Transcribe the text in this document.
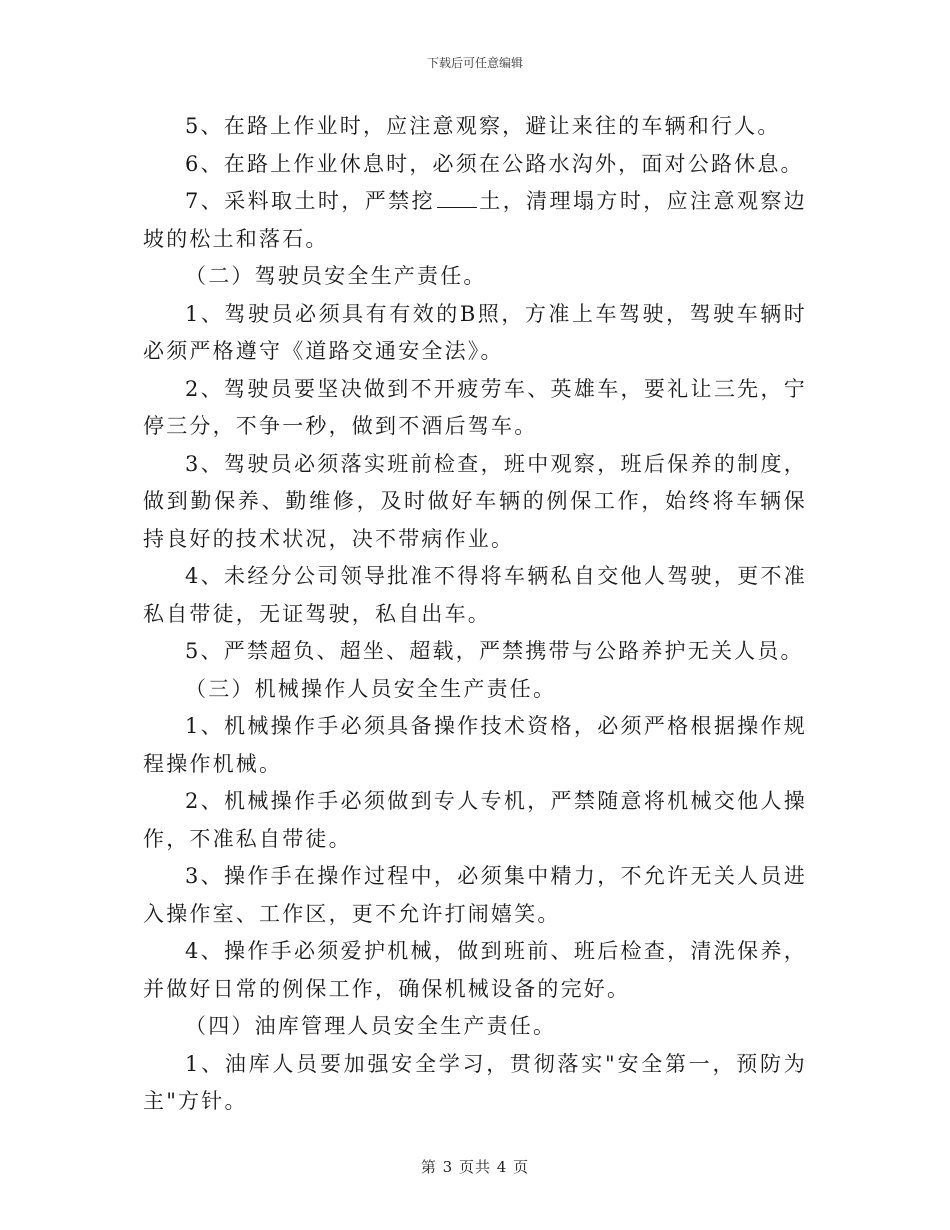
下载后可任意编辑

5、在路上作业时，应注意观察，避让来往的车辆和行人。

6、在路上作业休息时，必须在公路水沟外，面对公路休息。

7、采料取土时，严禁挖 土，清理塌方时，应注意观察边坡的松土和落石。

（二）驾驶员安全生产责任。

1、驾驶员必须具有有效的B照，方准上车驾驶，驾驶车辆时必须严格遵守《道路交通安全法》。

2、驾驶员要坚决做到不开疲劳车、英雄车，要礼让三先，宁停三分，不争一秒，做到不酒后驾车。

3、驾驶员必须落实班前检查，班中观察，班后保养的制度，做到勤保养、勤维修，及时做好车辆的例保工作，始终将车辆保持良好的技术状况，决不带病作业。

4、未经分公司领导批准不得将车辆私自交他人驾驶，更不准私自带徒，无证驾驶，私自出车。

5、严禁超负、超坐、超载，严禁携带与公路养护无关人员。

（三）机械操作人员安全生产责任。

1、机械操作手必须具备操作技术资格，必须严格根据操作规程操作机械。

2、机械操作手必须做到专人专机，严禁随意将机械交他人操作，不准私自带徒。

3、操作手在操作过程中，必须集中精力，不允许无关人员进入操作室、工作区，更不允许打闹嬉笑。

4、操作手必须爱护机械，做到班前、班后检查，清洗保养，并做好日常的例保工作，确保机械设备的完好。

（四）油库管理人员安全生产责任。

1、油库人员要加强安全学习，贯彻落实"安全第一，预防为主"方针。

第 3 页共 4 页
